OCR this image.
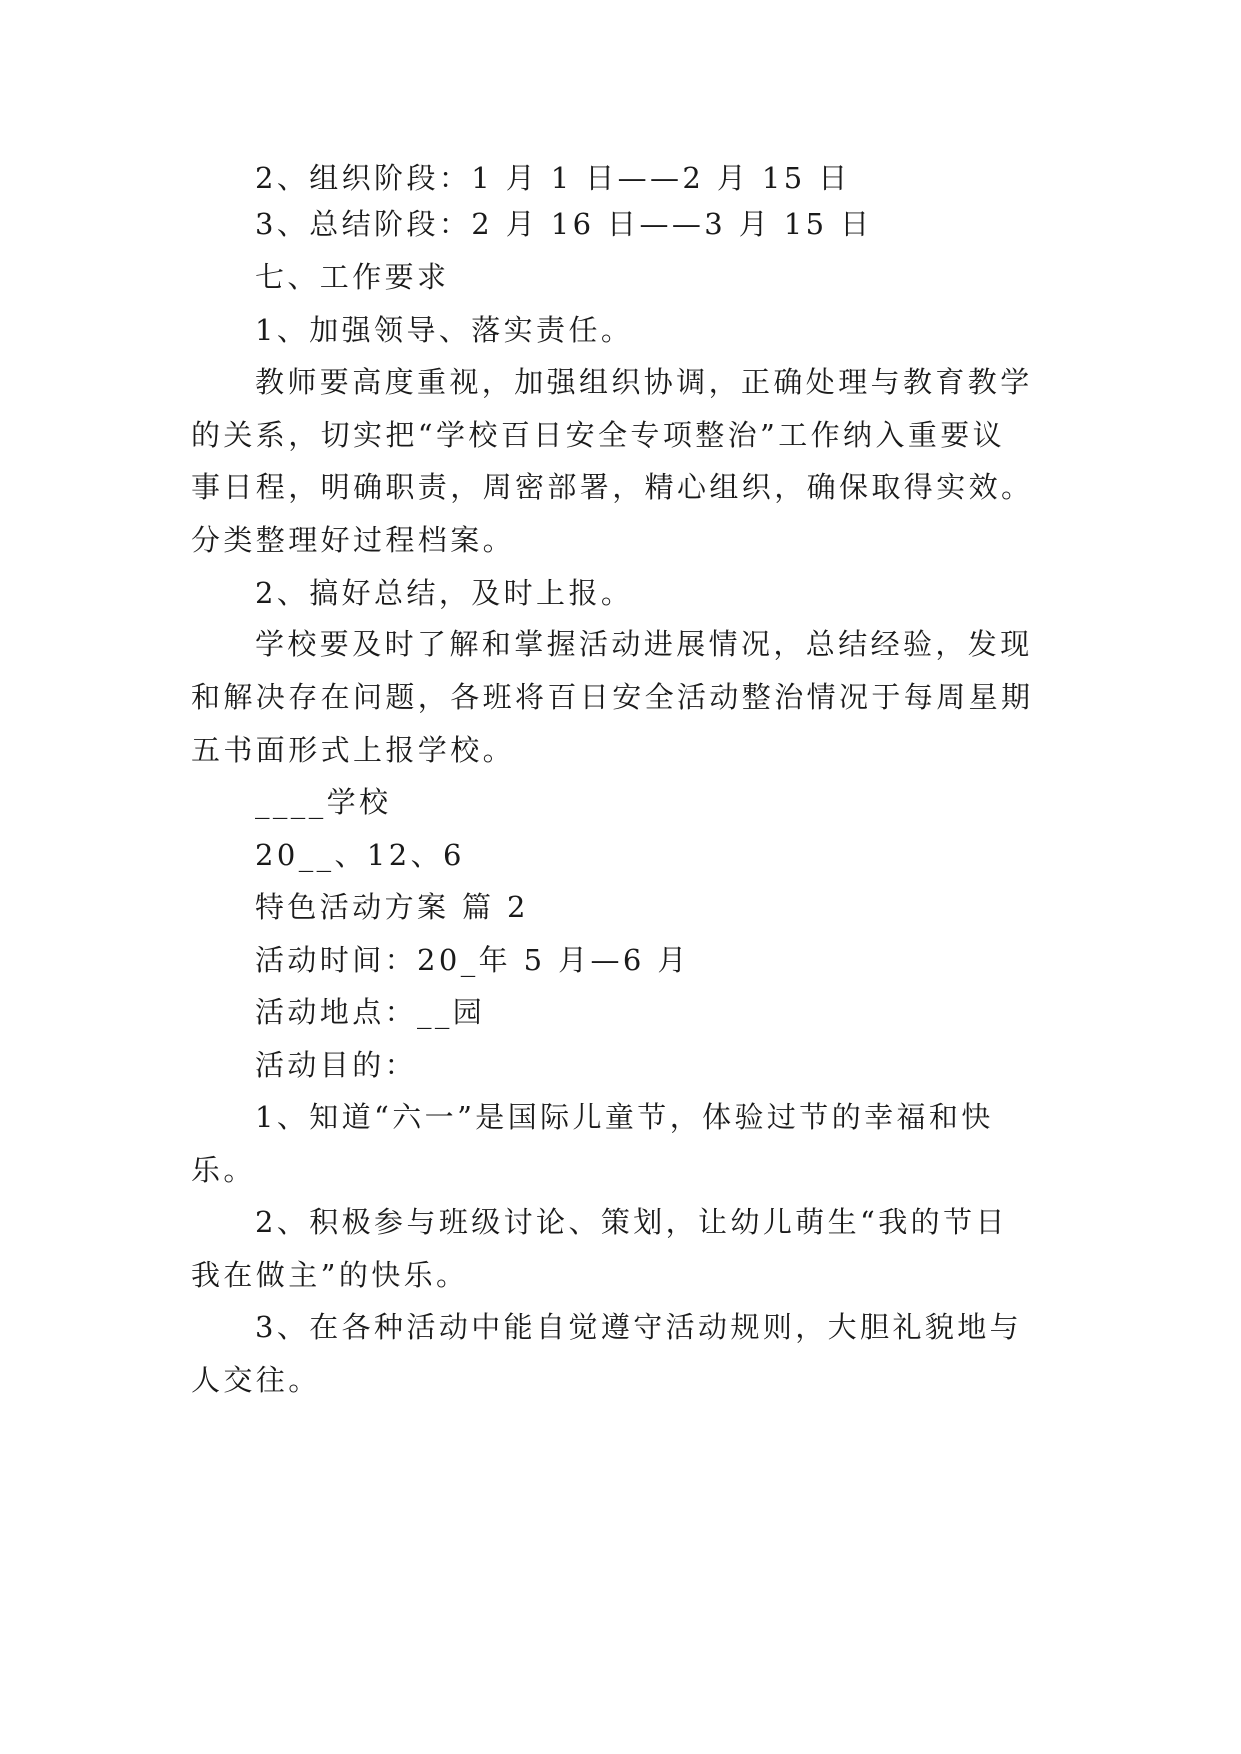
2、组织阶段：1 月 1 日——2 月 15 日
3、总结阶段：2 月 16 日——3 月 15 日
七、工作要求
1、加强领导、落实责任。
教师要高度重视，加强组织协调，正确处理与教育教学
的关系，切实把“学校百日安全专项整治”工作纳入重要议
事日程，明确职责，周密部署，精心组织，确保取得实效。
分类整理好过程档案。
2、搞好总结，及时上报。
学校要及时了解和掌握活动进展情况，总结经验，发现
和解决存在问题，各班将百日安全活动整治情况于每周星期
五书面形式上报学校。
____学校
20__、12、6
特色活动方案 篇 2
活动时间：20_年 5 月—6 月
活动地点：__园
活动目的：
1、知道“六一”是国际儿童节，体验过节的幸福和快
乐。
2、积极参与班级讨论、策划，让幼儿萌生“我的节日
我在做主”的快乐。
3、在各种活动中能自觉遵守活动规则，大胆礼貌地与
人交往。
